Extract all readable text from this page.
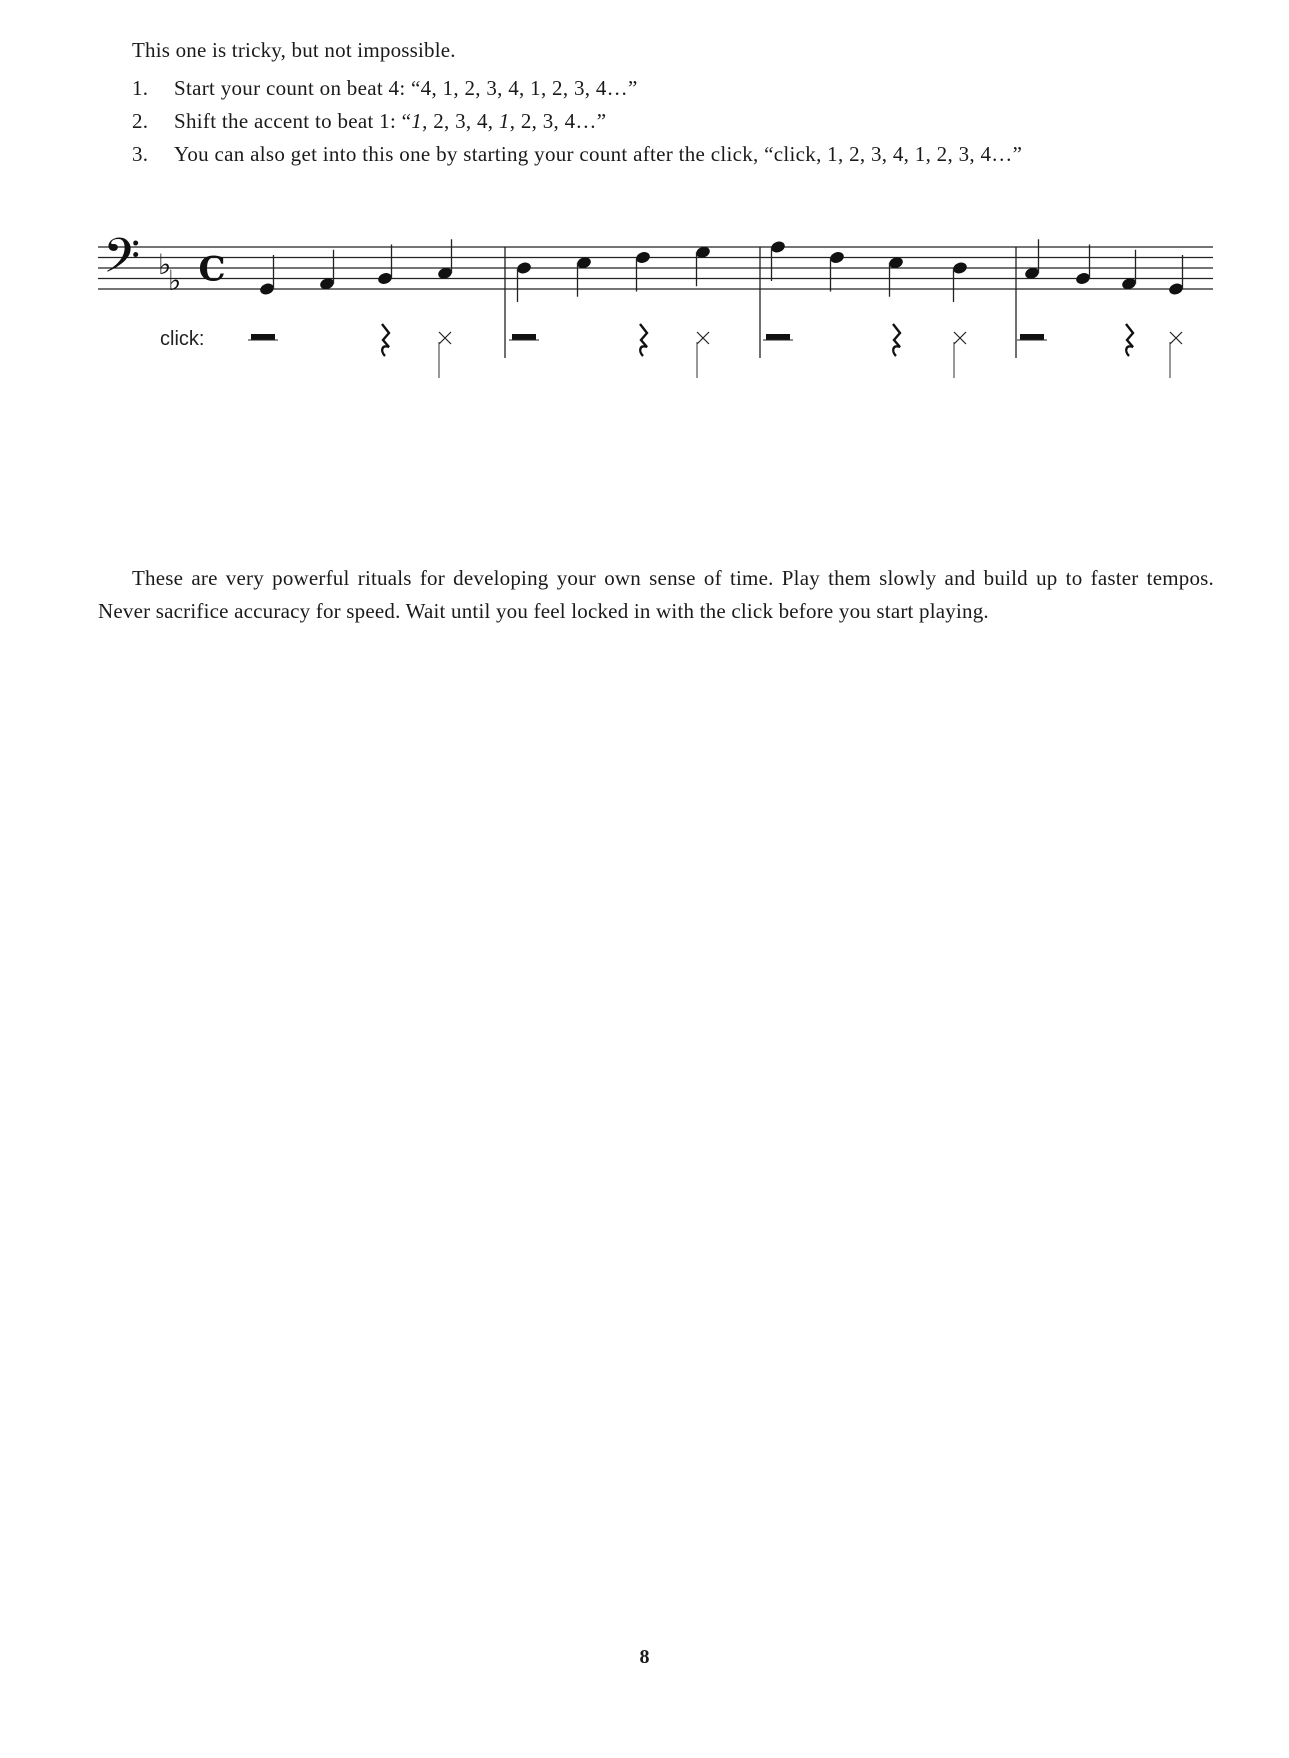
This one is tricky, but not impossible.
1.	Start your count on beat 4: “4, 1, 2, 3, 4, 1, 2, 3, 4…”
2.	Shift the accent to beat 1: “1, 2, 3, 4, 1, 2, 3, 4…”
3.	You can also get into this one by starting your count after the click, “click, 1, 2, 3, 4, 1, 2, 3, 4…”
𝄢 ♭
♭ C
click:
These are very powerful rituals for developing your own sense of time. Play them slowly and build up to faster tempos. Never sacrifice accuracy for speed. Wait until you feel locked in with the click before you start playing.
8
